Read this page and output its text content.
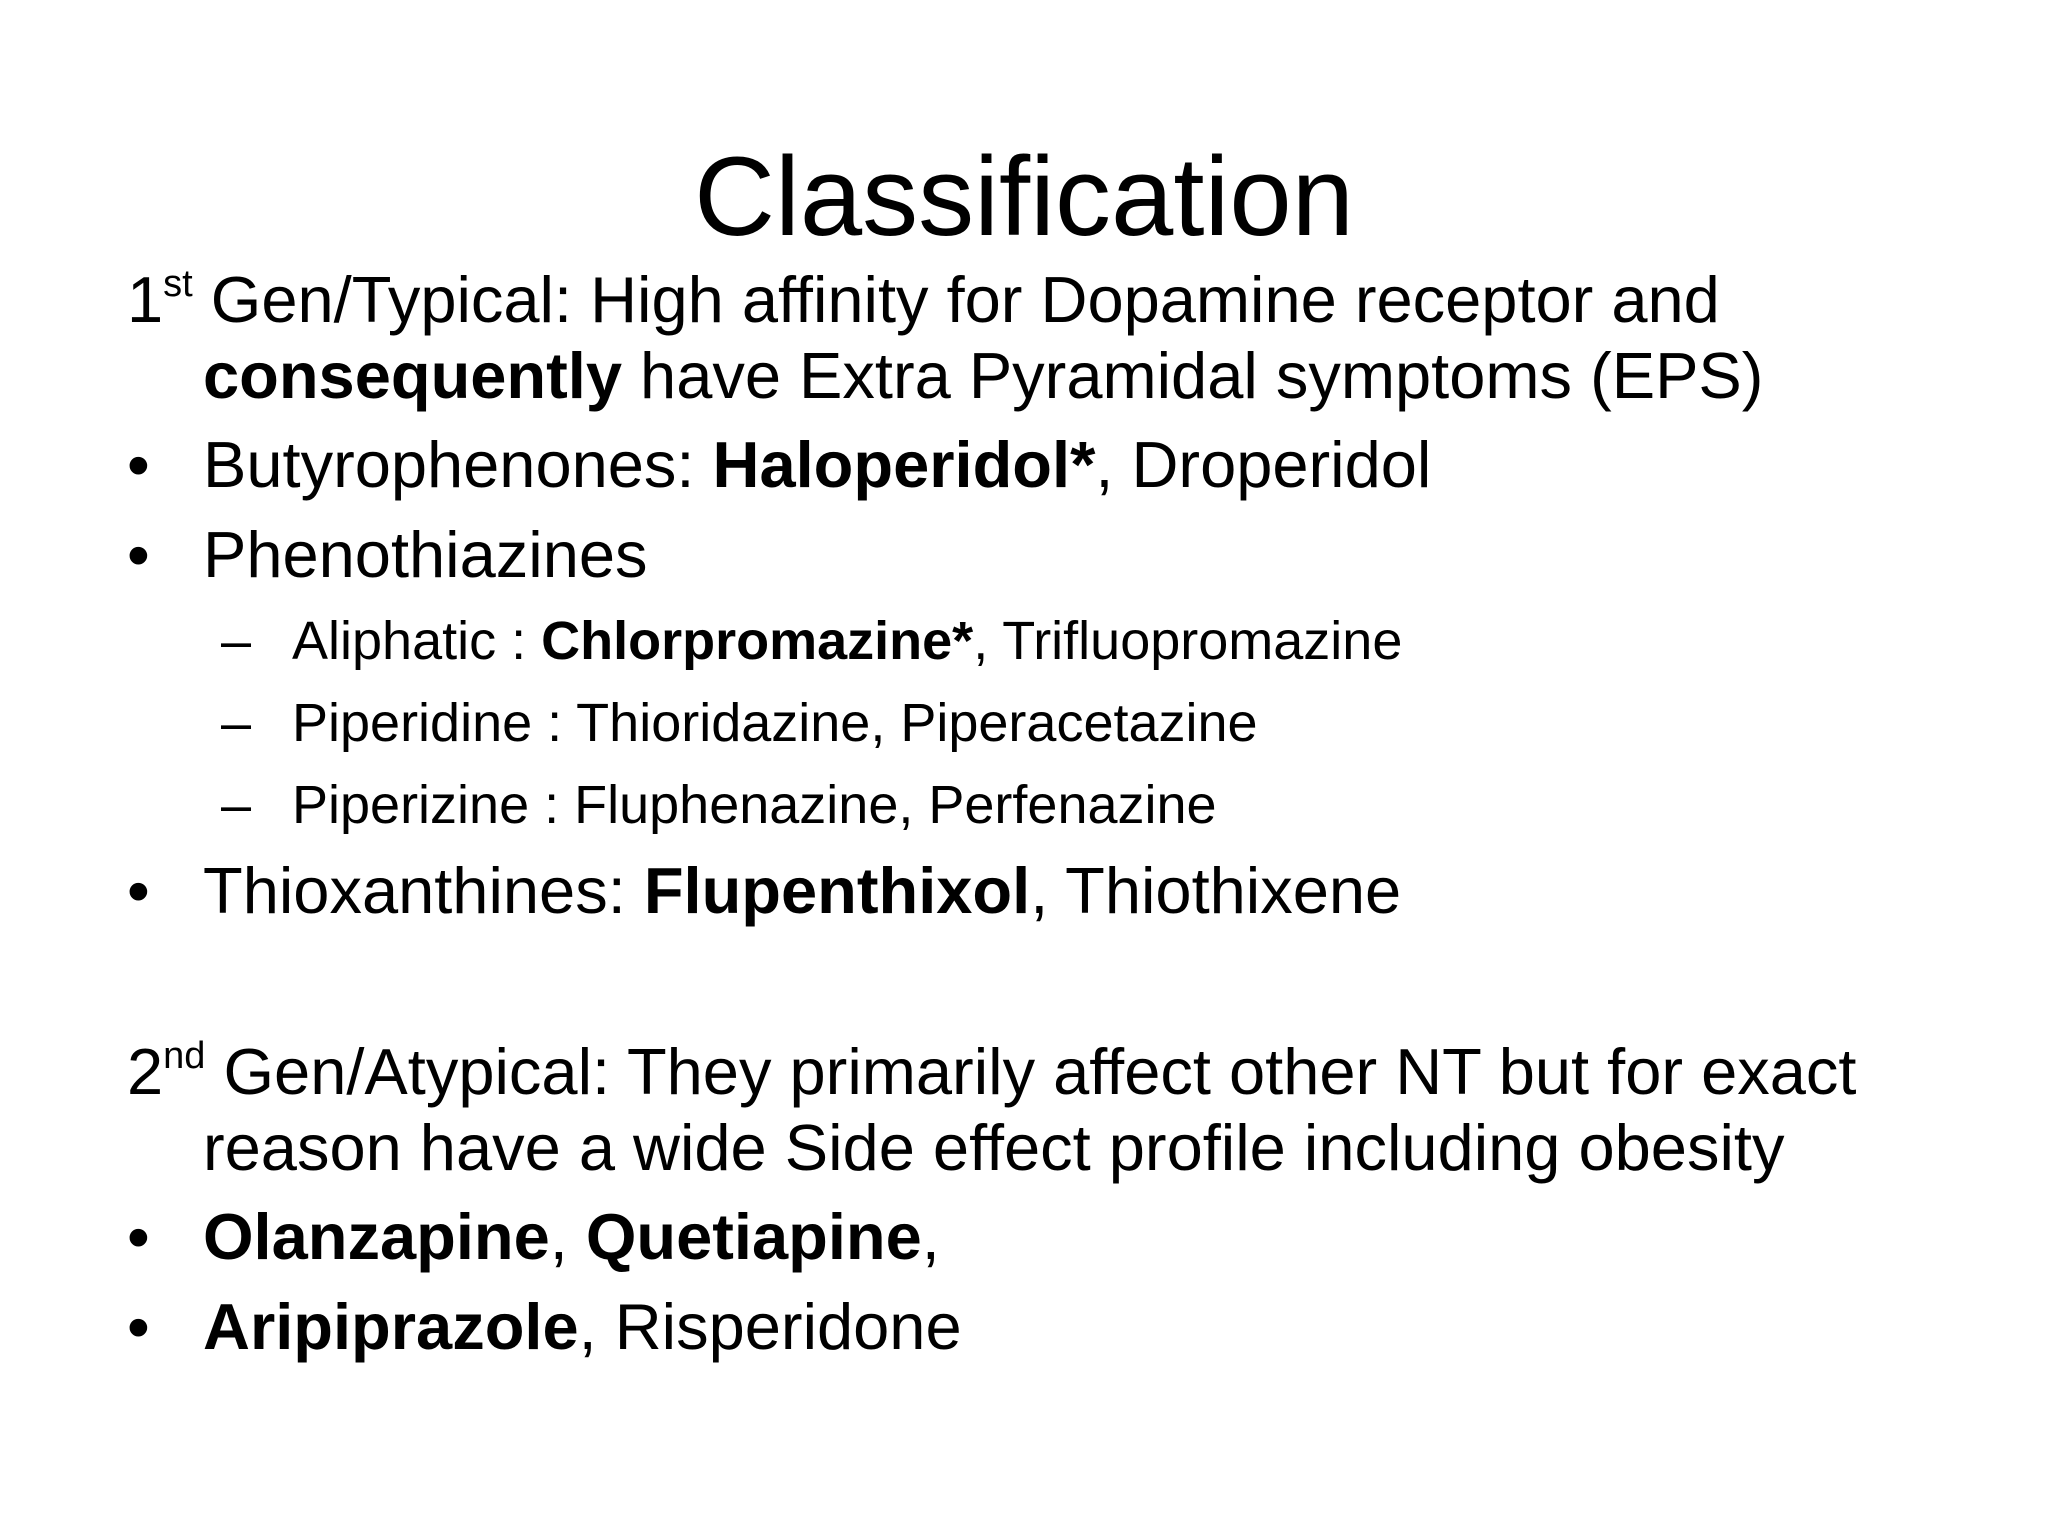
Classification
1st Gen/Typical: High affinity for Dopamine receptor and consequently have Extra Pyramidal symptoms (EPS)
• Butyrophenones: Haloperidol*, Droperidol
• Phenothiazines
– Aliphatic : Chlorpromazine*, Trifluopromazine
– Piperidine : Thioridazine, Piperacetazine
– Piperizine : Fluphenazine, Perfenazine
• Thioxanthines: Flupenthixol, Thiothixene
2nd Gen/Atypical: They primarily affect other NT but for exact reason have a wide Side effect profile including obesity
• Olanzapine, Quetiapine,
• Aripiprazole, Risperidone
